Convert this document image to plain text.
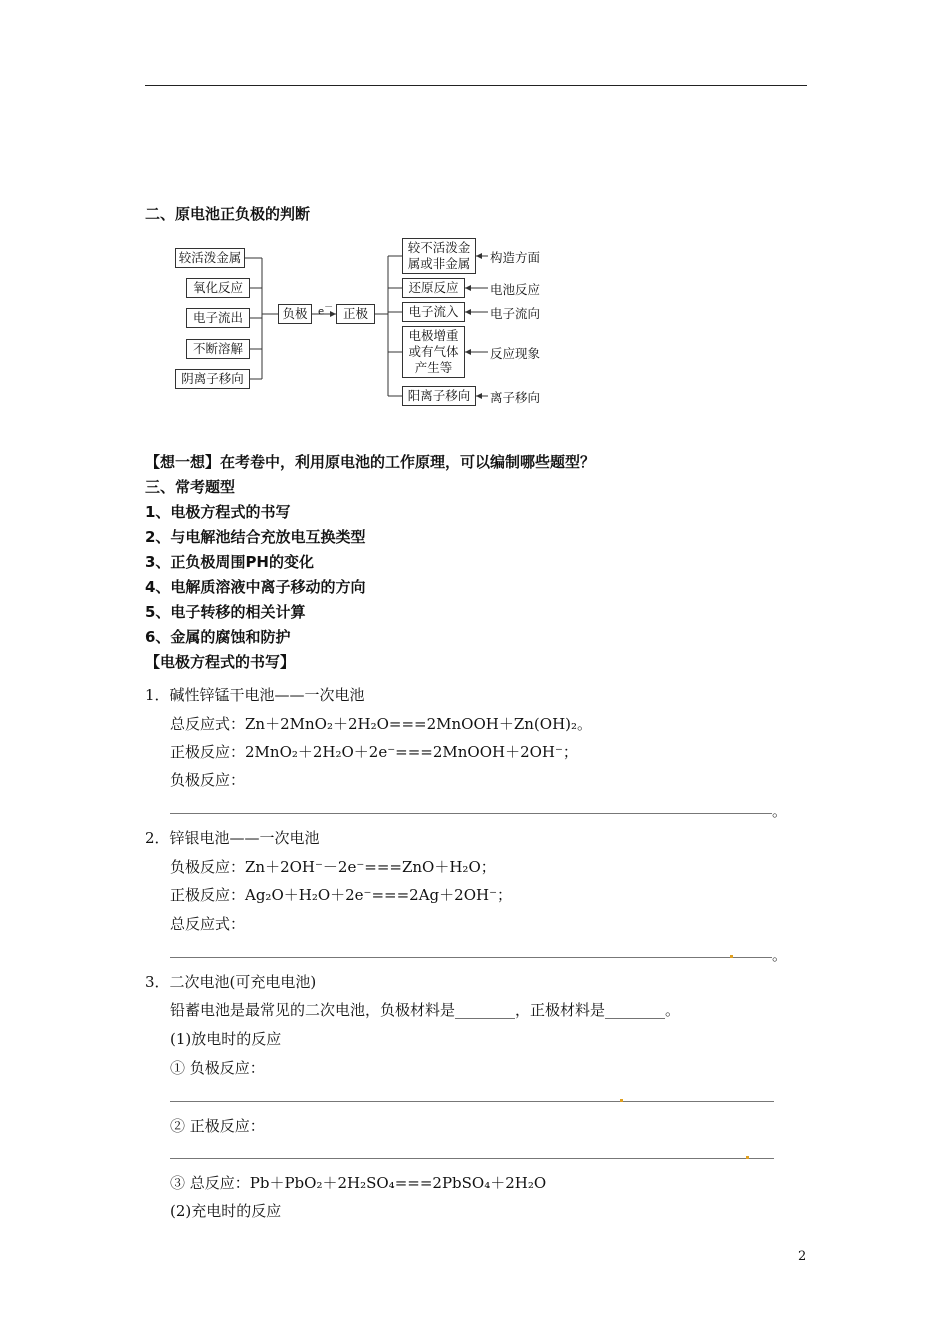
二、原电池正负极的判断
较活泼金属
氧化反应
电子流出
不断溶解
阴离子移向
负极	e－ 正极
较不活泼金属或非金属
还原反应
电子流入
电极增重或有气体产生等
阳离子移向
构造方面
电池反应
电子流向
反应现象
离子移向
【想一想】在考卷中，利用原电池的工作原理，可以编制哪些题型？
三、常考题型
1、电极方程式的书写
2、与电解池结合充放电互换类型
3、正负极周围PH的变化
4、电解质溶液中离子移动的方向
5、电子转移的相关计算
6、金属的腐蚀和防护
【电极方程式的书写】
1．碱性锌锰干电池——一次电池
总反应式：Zn＋2MnO₂＋2H₂O===2MnOOH＋Zn(OH)₂。
正极反应：2MnO₂＋2H₂O＋2e⁻===2MnOOH＋2OH⁻；
负极反应：
。
2．锌银电池——一次电池
负极反应：Zn＋2OH⁻－2e⁻===ZnO＋H₂O；
正极反应：Ag₂O＋H₂O＋2e⁻===2Ag＋2OH⁻；
总反应式：
。
3．二次电池(可充电电池)
铅蓄电池是最常见的二次电池，负极材料是________，正极材料是________。
(1)放电时的反应
① 负极反应：
② 正极反应：
③ 总反应：Pb＋PbO₂＋2H₂SO₄===2PbSO₄＋2H₂O
(2)充电时的反应
2
